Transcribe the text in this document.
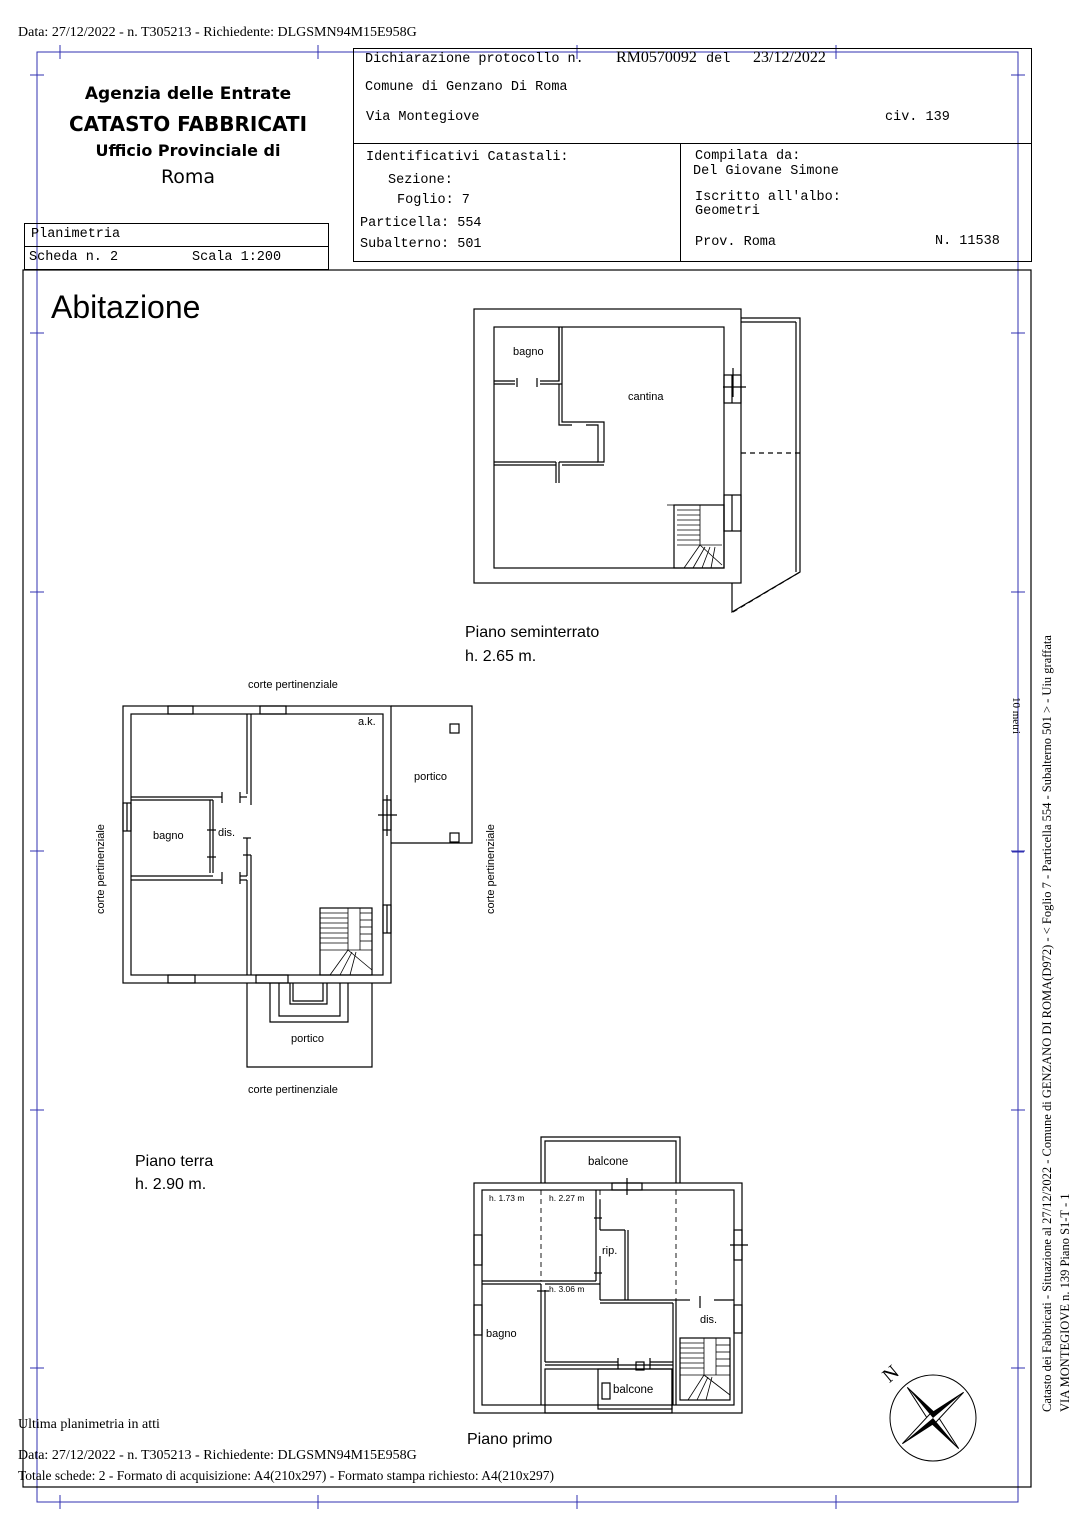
Data: 27/12/2022 - n. T305213 - Richiedente: DLGSMN94M15E958G
Agenzia delle Entrate
CATASTO FABBRICATI
Ufficio Provinciale di
Roma
Planimetria
Scheda n. 2	Scala 1:200
Dichiarazione protocollo n. RM0570092 del 23/12/2022
Comune di Genzano Di Roma
Via Montegiove	civ. 139
Identificativi Catastali:
Sezione:
Foglio: 7
Particella: 554
Subalterno: 501
Compilata da:
Del Giovane Simone
Iscritto all'albo:
Geometri
Prov. Roma	N. 11538
Abitazione
bagno
cantina
Piano seminterrato
h. 2.65 m.
corte pertinenziale
a.k.
portico
bagno	dis.
portico
corte pertinenziale
corte pertinenziale	corte pertinenziale
Piano terra
h. 2.90 m.
balcone
h. 1.73 m	h. 2.27 m
rip.
h. 3.06 m
dis.
bagno
balcone
Piano primo
N
10 metri Catasto dei Fabbricati - Situazione al 27/12/2022 - Comune di GENZANO DI ROMA(D972) - < Foglio 7 - Particella 554 - Subalterno 501 > - Uiu graffata VIA MONTEGIOVE n. 139 Piano S1-T - 1
Ultima planimetria in atti
Data: 27/12/2022 - n. T305213 - Richiedente: DLGSMN94M15E958G
Totale schede: 2 - Formato di acquisizione: A4(210x297) - Formato stampa richiesto: A4(210x297)
